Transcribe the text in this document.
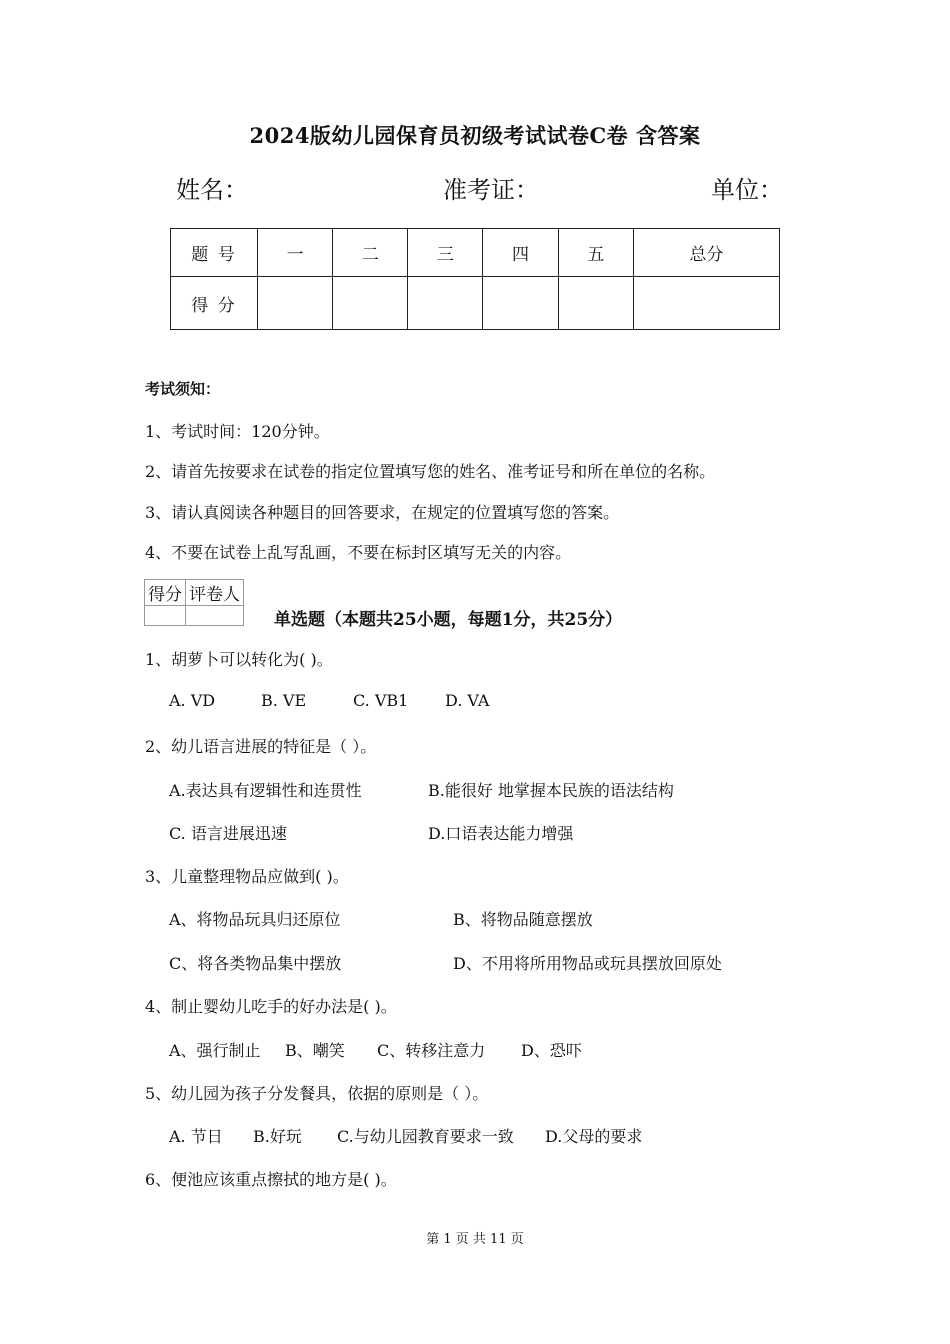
2024版幼儿园保育员初级考试试卷C卷 含答案
姓名：	准考证：	单位：
题 号	一	二	三	四	五	总分
得 分						
考试须知：
1、考试时间：120分钟。
2、请首先按要求在试卷的指定位置填写您的姓名、准考证号和所在单位的名称。
3、请认真阅读各种题目的回答要求，在规定的位置填写您的答案。
4、不要在试卷上乱写乱画，不要在标封区填写无关的内容。
得分	评卷人

单选题（本题共25小题，每题1分，共25分）
1、胡萝卜可以转化为( )。
A. VD	B. VE	C. VB1 D. VA
2、幼儿语言进展的特征是（ ）。
A.表达具有逻辑性和连贯性	B.能很好 地掌握本民族的语法结构
C. 语言进展迅速	D.口语表达能力增强
3、儿童整理物品应做到( )。
A、将物品玩具归还原位	B、将物品随意摆放
C、将各类物品集中摆放	D、不用将所用物品或玩具摆放回原处
4、制止婴幼儿吃手的好办法是( )。
A、强行制止 B、嘲笑 C、转移注意力 D、恐吓
5、幼儿园为孩子分发餐具，依据的原则是（ ）。
A. 节日 B.好玩 C.与幼儿园教育要求一致 D.父母的要求
6、便池应该重点擦拭的地方是( )。
第 1 页 共 11 页
